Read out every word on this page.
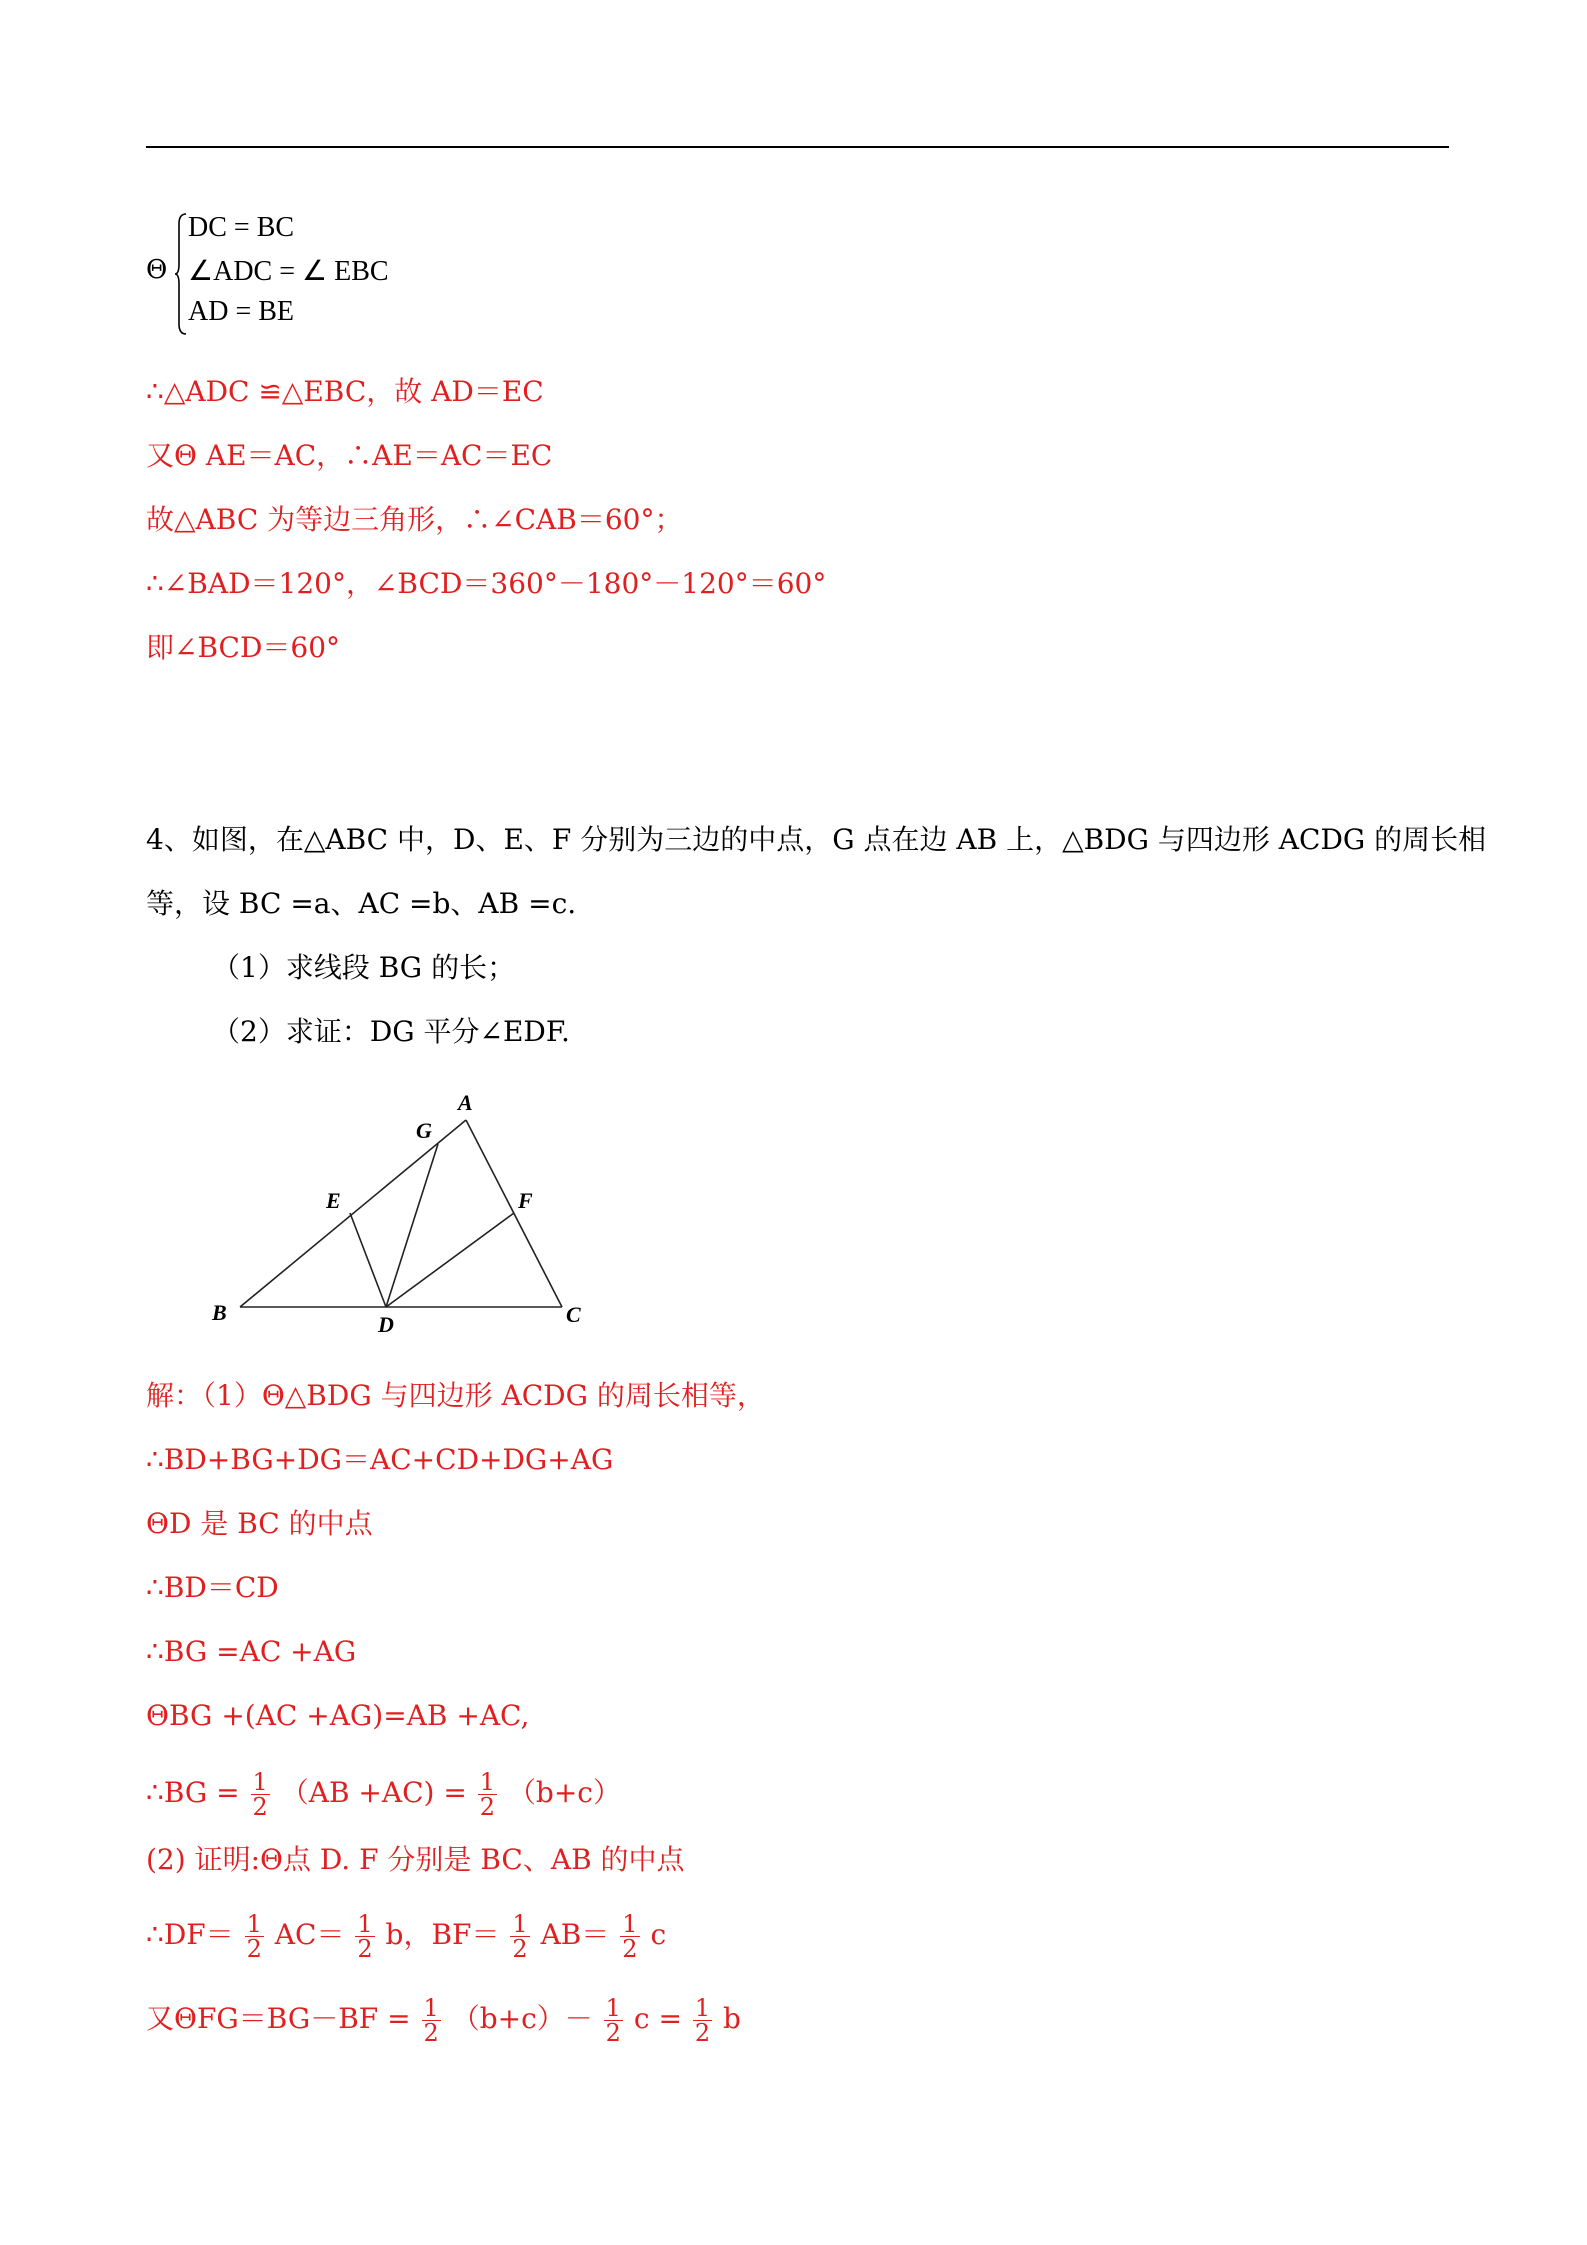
Θ
DC = BC
∠ADC = ∠ EBC
AD = BE
∴△ADC ≌△EBC，故 AD＝EC
又Θ AE＝AC，∴AE＝AC＝EC
故△ABC 为等边三角形，∴∠CAB＝60°；
∴∠BAD＝120°，∠BCD＝360°－180°－120°＝60°
即∠BCD＝60°
4、如图，在△ABC 中，D、E、F 分别为三边的中点，G 点在边 AB 上，△BDG 与四边形 ACDG 的周长相
等，设 BC =a、AC =b、AB =c.
（1）求线段 BG 的长；
（2）求证：DG 平分∠EDF.
A
B	C
D
E	F
G
解：（1）Θ△BDG 与四边形 ACDG 的周长相等，
∴BD+BG+DG＝AC+CD+DG+AG
ΘD 是 BC 的中点
∴BD＝CD
∴BG =AC +AG
ΘBG +(AC +AG)=AB +AC,
∴BG = $\frac{1}{2} (AB +AC) = \frac{1}{2} (b+c)$
(2) 证明:Θ点 D. F 分别是 BC、AB 的中点
∴DF＝ $\frac{1}{2} AC= \frac{1}{2}$ b，$BF= \frac{1}{2} AB= \frac{1}{2}$ c
又$\Theta FG=BG-BF = \frac{1}{2} (b+c)- \frac{1}{2}$ $c = \frac{1}{2}$ b
